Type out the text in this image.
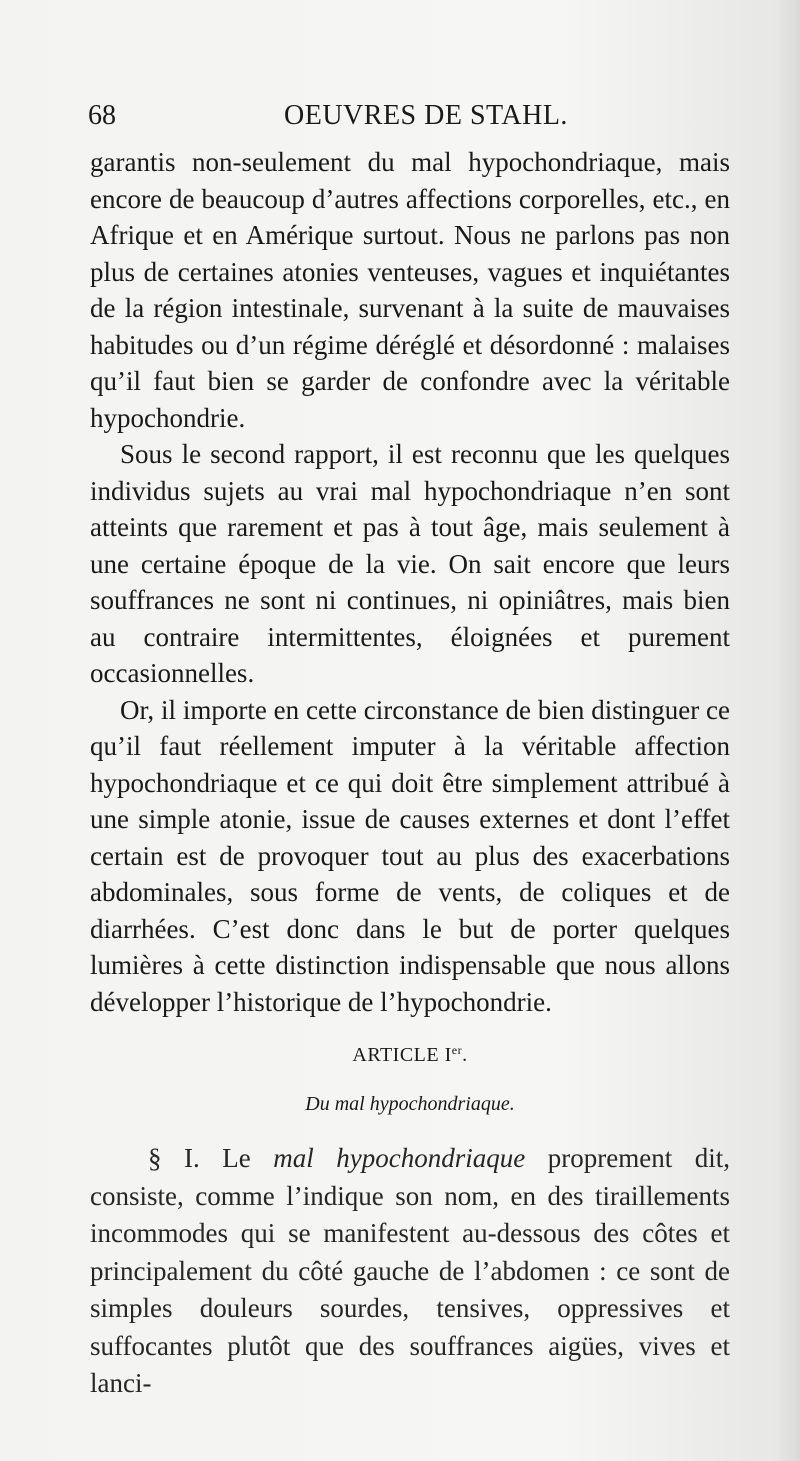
68	OEUVRES DE STAHL.

garantis non-seulement du mal hypochondriaque, mais encore de beaucoup d’autres affections corporelles, etc., en Afrique et en Amérique surtout. Nous ne parlons pas non plus de certaines atonies venteuses, vagues et inquiétantes de la région intestinale, survenant à la suite de mauvaises habitudes ou d’un régime déréglé et désordonné : malaises qu’il faut bien se garder de confondre avec la véritable hypochondrie.

Sous le second rapport, il est reconnu que les quelques individus sujets au vrai mal hypochondriaque n’en sont atteints que rarement et pas à tout âge, mais seulement à une certaine époque de la vie. On sait encore que leurs souffrances ne sont ni continues, ni opiniâtres, mais bien au contraire intermittentes, éloignées et purement occasionnelles.

Or, il importe en cette circonstance de bien distinguer ce qu’il faut réellement imputer à la véritable affection hypochondriaque et ce qui doit être simplement attribué à une simple atonie, issue de causes externes et dont l’effet certain est de provoquer tout au plus des exacerbations abdominales, sous forme de vents, de coliques et de diarrhées. C’est donc dans le but de porter quelques lumières à cette distinction indispensable que nous allons développer l’historique de l’hypochondrie.

ARTICLE Ier.
Du mal hypochondriaque.

§ I. Le mal hypochondriaque proprement dit, consiste, comme l’indique son nom, en des tiraillements incommodes qui se manifestent au-dessous des côtes et principalement du côté gauche de l’abdomen : ce sont de simples douleurs sourdes, tensives, oppressives et suffocantes plutôt que des souffrances aigües, vives et lanci-
